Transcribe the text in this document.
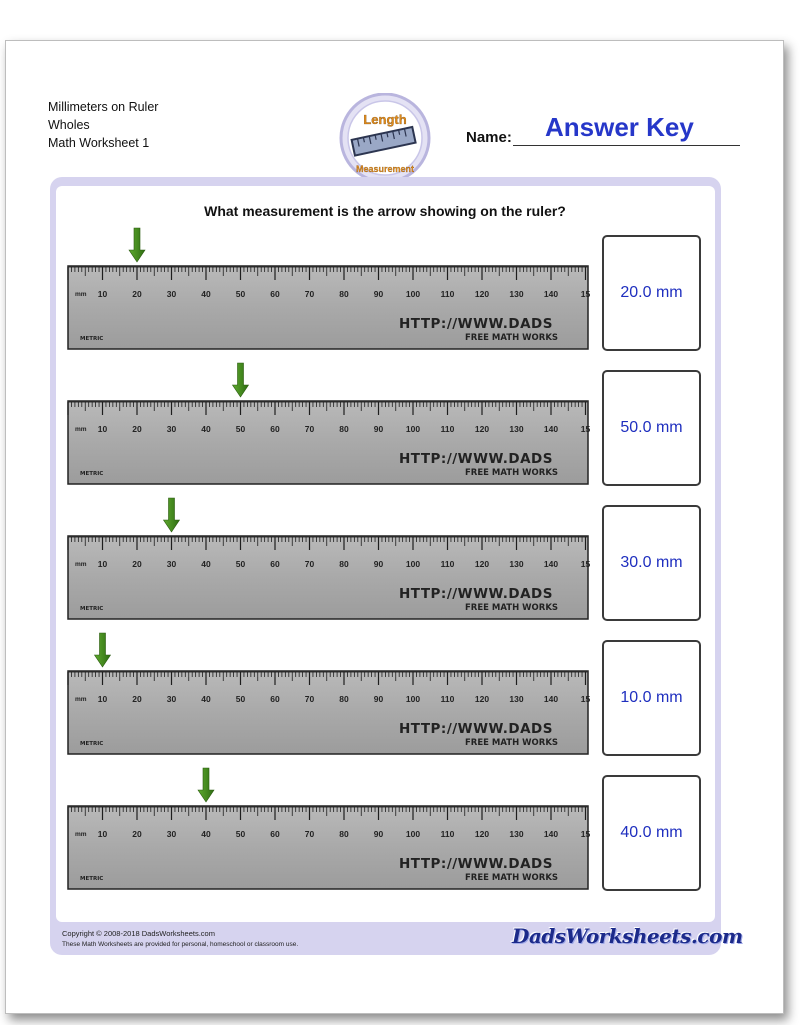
Millimeters on Ruler
Wholes
Math Worksheet 1
Length
Measurement
Name: Answer Key
What measurement is the arrow showing on the ruler?
mm 10	20	30	40	50	60	70	80	90	100 110 120 130 140	15
HTTP://WWW.DADS
FREE MATH WORKS
METRIC
mm 10	20	30	40	50	60	70	80	90	100 110 120 130 140	15
HTTP://WWW.DADS
FREE MATH WORKS
METRIC
mm 10	20	30	40	50	60	70	80	90	100 110 120 130 140	15
HTTP://WWW.DADS
FREE MATH WORKS
METRIC
mm 10	20	30	40	50	60	70	80	90	100 110 120 130 140	15
HTTP://WWW.DADS
FREE MATH WORKS
METRIC
mm 10	20	30	40	50	60	70	80	90	100 110 120 130 140	15
HTTP://WWW.DADS
FREE MATH WORKS
METRIC
20.0 mm
50.0 mm
30.0 mm
10.0 mm
40.0 mm
Copyright © 2008-2018 DadsWorksheets.com
These Math Worksheets are provided for personal, homeschool or classroom use.	DadsWorksheets.com
